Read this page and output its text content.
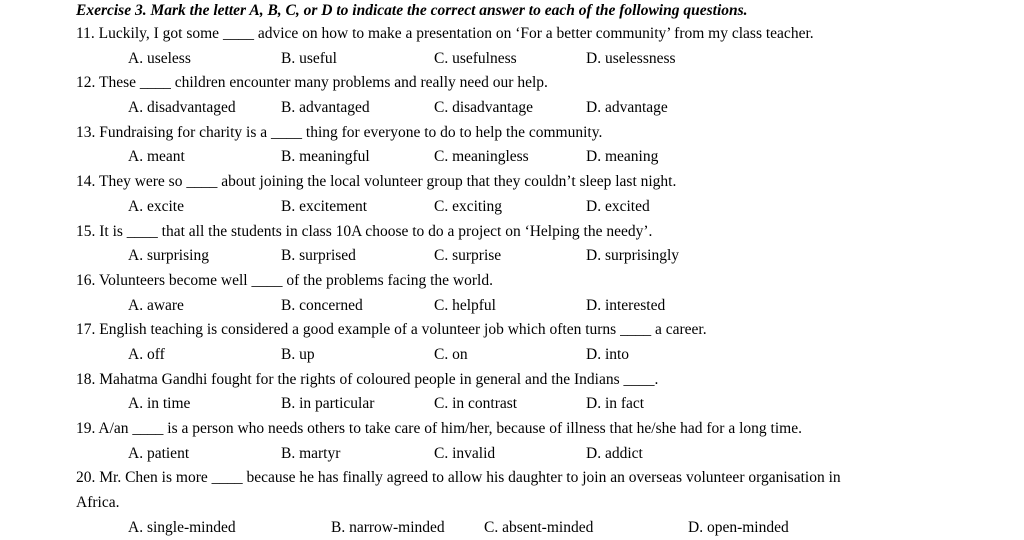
Exercise 3. Mark the letter A, B, C, or D to indicate the correct answer to each of the following questions.
11. Luckily, I got some ____ advice on how to make a presentation on ‘For a better community’ from my class teacher.
A. useless	B. useful	C. usefulness	D. uselessness
12. These ____ children encounter many problems and really need our help.
A. disadvantaged	B. advantaged	C. disadvantage	D. advantage
13. Fundraising for charity is a ____ thing for everyone to do to help the community.
A. meant	B. meaningful	C. meaningless	D. meaning
14. They were so ____ about joining the local volunteer group that they couldn’t sleep last night.
A. excite	B. excitement	C. exciting	D. excited
15. It is ____ that all the students in class 10A choose to do a project on ‘Helping the needy’.
A. surprising	B. surprised	C. surprise	D. surprisingly
16. Volunteers become well ____ of the problems facing the world.
A. aware	B. concerned	C. helpful	D. interested
17. English teaching is considered a good example of a volunteer job which often turns ____ a career.
A. off	B. up	C. on	D. into
18. Mahatma Gandhi fought for the rights of coloured people in general and the Indians ____.
A. in time	B. in particular	C. in contrast	D. in fact
19. A/an ____ is a person who needs others to take care of him/her, because of illness that he/she had for a long time.
A. patient	B. martyr	C. invalid	D. addict
20. Mr. Chen is more ____ because he has finally agreed to allow his daughter to join an overseas volunteer organisation in
Africa.
A. single-minded	B. narrow-minded	C. absent-minded	D. open-minded
